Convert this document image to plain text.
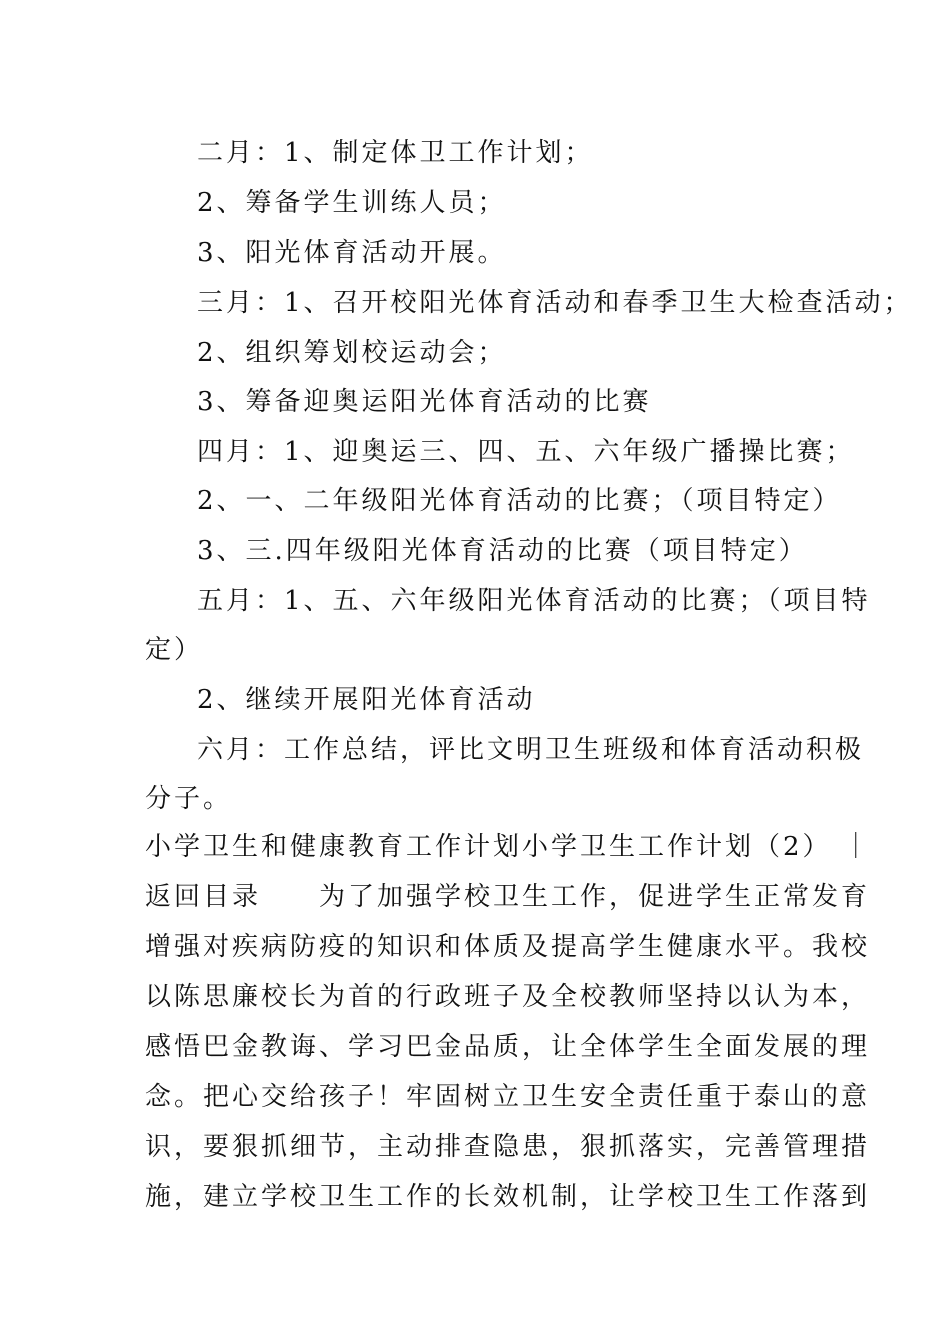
二月：1、制定体卫工作计划；
2、筹备学生训练人员；
3、阳光体育活动开展。
三月：1、召开校阳光体育活动和春季卫生大检查活动；
2、组织筹划校运动会；
3、筹备迎奥运阳光体育活动的比赛
四月：1、迎奥运三、四、五、六年级广播操比赛；
2、一、二年级阳光体育活动的比赛；（项目特定）
3、三.四年级阳光体育活动的比赛（项目特定）
五月：1、五、六年级阳光体育活动的比赛；（项目特
定）
2、继续开展阳光体育活动
六月：工作总结，评比文明卫生班级和体育活动积极
分子。
小学卫生和健康教育工作计划小学卫生工作计划（2） ｜
返回目录 为了加强学校卫生工作，促进学生正常发育
增强对疾病防疫的知识和体质及提高学生健康水平。我校
以陈思廉校长为首的行政班子及全校教师坚持以认为本，
感悟巴金教诲、学习巴金品质，让全体学生全面发展的理
念。把心交给孩子！牢固树立卫生安全责任重于泰山的意
识，要狠抓细节，主动排查隐患，狠抓落实，完善管理措
施，建立学校卫生工作的长效机制，让学校卫生工作落到
